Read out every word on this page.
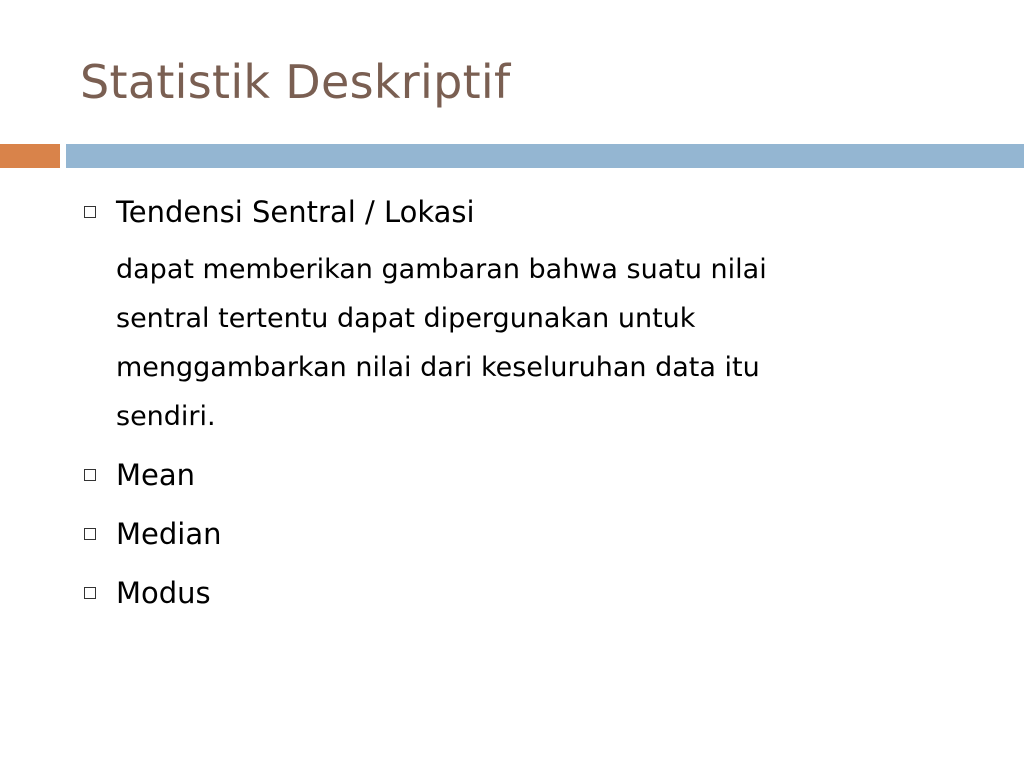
Statistik Deskriptif
Tendensi Sentral / Lokasi
dapat memberikan gambaran bahwa suatu nilai
sentral tertentu dapat dipergunakan untuk
menggambarkan nilai dari keseluruhan data itu
sendiri.
Mean
Median
Modus
